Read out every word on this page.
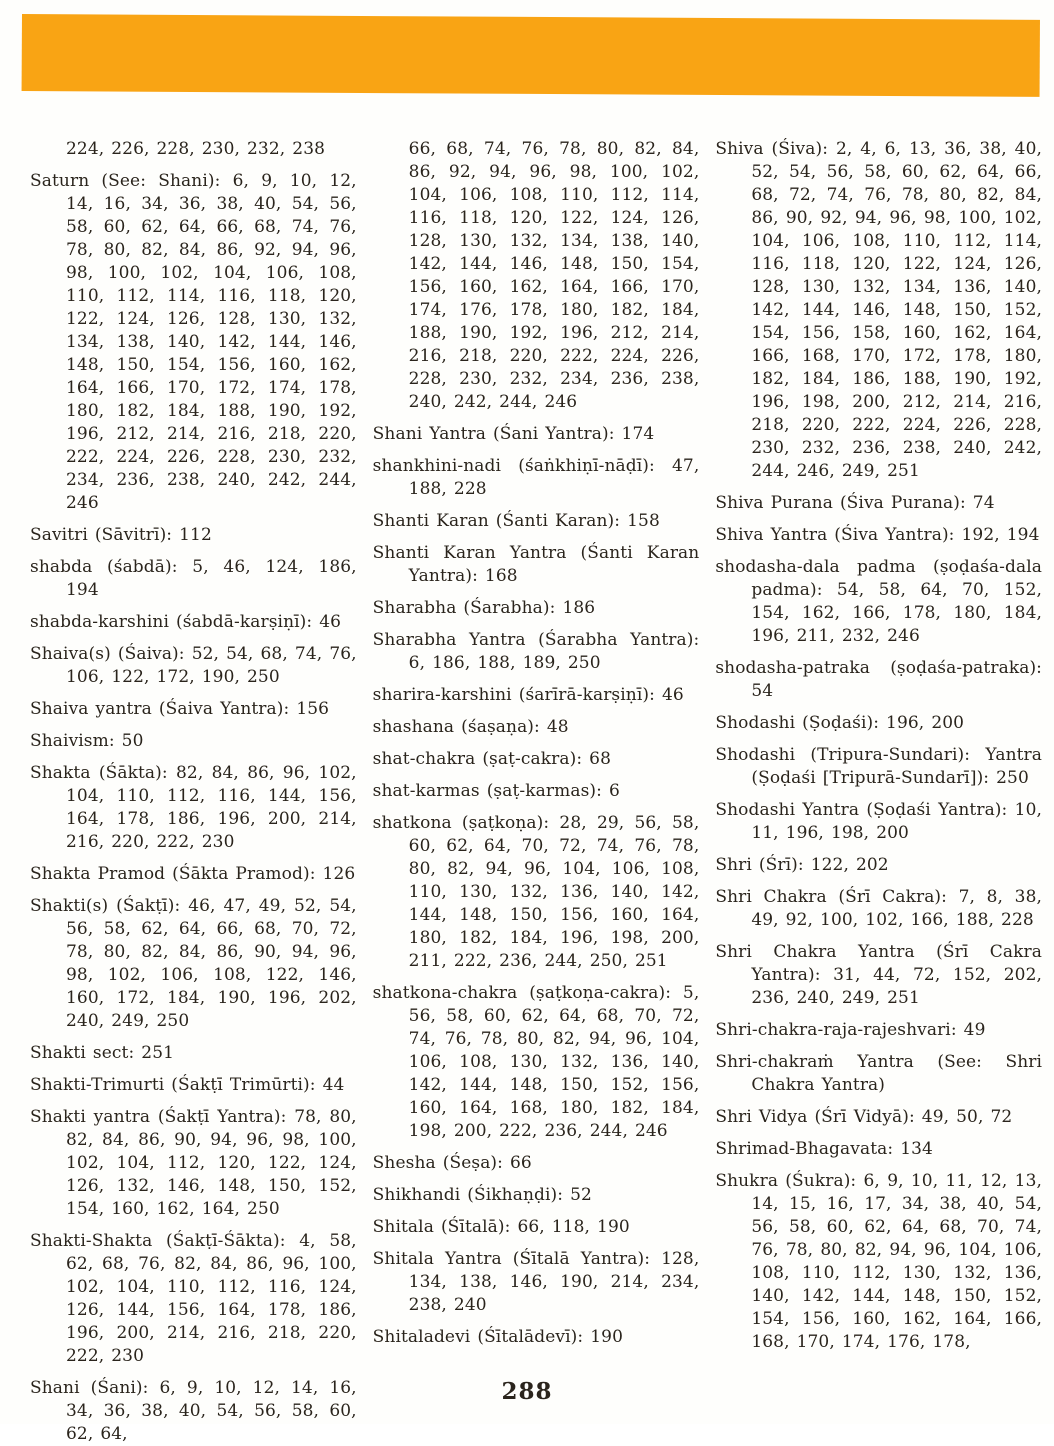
224, 226, 228, 230, 232, 238

Saturn (See: Shani): 6, 9, 10, 12, 14, 16, 34, 36, 38, 40, 54, 56, 58, 60, 62, 64, 66, 68, 74, 76, 78, 80, 82, 84, 86, 92, 94, 96, 98, 100, 102, 104, 106, 108, 110, 112, 114, 116, 118, 120, 122, 124, 126, 128, 130, 132, 134, 138, 140, 142, 144, 146, 148, 150, 154, 156, 160, 162, 164, 166, 170, 172, 174, 178, 180, 182, 184, 188, 190, 192, 196, 212, 214, 216, 218, 220, 222, 224, 226, 228, 230, 232, 234, 236, 238, 240, 242, 244, 246

Savitri (Sāvitrī): 112

shabda (śabdā): 5, 46, 124, 186, 194

shabda-karshini (śabdā-karṣiṇī): 46

Shaiva(s) (Śaiva): 52, 54, 68, 74, 76, 106, 122, 172, 190, 250

Shaiva yantra (Śaiva Yantra): 156

Shaivism: 50

Shakta (Śākta): 82, 84, 86, 96, 102, 104, 110, 112, 116, 144, 156, 164, 178, 186, 196, 200, 214, 216, 220, 222, 230

Shakta Pramod (Śākta Pramod): 126

Shakti(s) (Śakṭī): 46, 47, 49, 52, 54, 56, 58, 62, 64, 66, 68, 70, 72, 78, 80, 82, 84, 86, 90, 94, 96, 98, 102, 106, 108, 122, 146, 160, 172, 184, 190, 196, 202, 240, 249, 250

Shakti sect: 251

Shakti-Trimurti (Śakṭī Trimūrti): 44

Shakti yantra (Śakṭī Yantra): 78, 80, 82, 84, 86, 90, 94, 96, 98, 100, 102, 104, 112, 120, 122, 124, 126, 132, 146, 148, 150, 152, 154, 160, 162, 164, 250

Shakti-Shakta (Śakṭī-Śākta): 4, 58, 62, 68, 76, 82, 84, 86, 96, 100, 102, 104, 110, 112, 116, 124, 126, 144, 156, 164, 178, 186, 196, 200, 214, 216, 218, 220, 222, 230

Shani (Śani): 6, 9, 10, 12, 14, 16, 34, 36, 38, 40, 54, 56, 58, 60, 62, 64,

66, 68, 74, 76, 78, 80, 82, 84, 86, 92, 94, 96, 98, 100, 102, 104, 106, 108, 110, 112, 114, 116, 118, 120, 122, 124, 126, 128, 130, 132, 134, 138, 140, 142, 144, 146, 148, 150, 154, 156, 160, 162, 164, 166, 170, 174, 176, 178, 180, 182, 184, 188, 190, 192, 196, 212, 214, 216, 218, 220, 222, 224, 226, 228, 230, 232, 234, 236, 238, 240, 242, 244, 246

Shani Yantra (Śani Yantra): 174

shankhini-nadi (śaṅkhiṇī-nāḍī): 47, 188, 228

Shanti Karan (Śanti Karan): 158

Shanti Karan Yantra (Śanti Karan Yantra): 168

Sharabha (Śarabha): 186

Sharabha Yantra (Śarabha Yantra): 6, 186, 188, 189, 250

sharira-karshini (śarīrā-karṣiṇī): 46

shashana (śaṣaṇa): 48

shat-chakra (ṣaṭ-cakra): 68

shat-karmas (ṣaṭ-karmas): 6

shatkona (ṣaṭkoṇa): 28, 29, 56, 58, 60, 62, 64, 70, 72, 74, 76, 78, 80, 82, 94, 96, 104, 106, 108, 110, 130, 132, 136, 140, 142, 144, 148, 150, 156, 160, 164, 180, 182, 184, 196, 198, 200, 211, 222, 236, 244, 250, 251

shatkona-chakra (ṣaṭkoṇa-cakra): 5, 56, 58, 60, 62, 64, 68, 70, 72, 74, 76, 78, 80, 82, 94, 96, 104, 106, 108, 130, 132, 136, 140, 142, 144, 148, 150, 152, 156, 160, 164, 168, 180, 182, 184, 198, 200, 222, 236, 244, 246

Shesha (Śeṣa): 66

Shikhandi (Śikhaṇḍi): 52

Shitala (Śītalā): 66, 118, 190

Shitala Yantra (Śītalā Yantra): 128, 134, 138, 146, 190, 214, 234, 238, 240

Shitaladevi (Śītalādevī): 190

Shiva (Śiva): 2, 4, 6, 13, 36, 38, 40, 52, 54, 56, 58, 60, 62, 64, 66, 68, 72, 74, 76, 78, 80, 82, 84, 86, 90, 92, 94, 96, 98, 100, 102, 104, 106, 108, 110, 112, 114, 116, 118, 120, 122, 124, 126, 128, 130, 132, 134, 136, 140, 142, 144, 146, 148, 150, 152, 154, 156, 158, 160, 162, 164, 166, 168, 170, 172, 178, 180, 182, 184, 186, 188, 190, 192, 196, 198, 200, 212, 214, 216, 218, 220, 222, 224, 226, 228, 230, 232, 236, 238, 240, 242, 244, 246, 249, 251

Shiva Purana (Śiva Purana): 74

Shiva Yantra (Śiva Yantra): 192, 194

shodasha-dala padma (ṣoḍaśa-dala padma): 54, 58, 64, 70, 152, 154, 162, 166, 178, 180, 184, 196, 211, 232, 246

shodasha-patraka (ṣoḍaśa-patraka): 54

Shodashi (Ṣoḍaśi): 196, 200

Shodashi (Tripura-Sundari): Yantra (Ṣoḍaśi [Tripurā-Sundarī]): 250

Shodashi Yantra (Ṣoḍaśi Yantra): 10, 11, 196, 198, 200

Shri (Śrī): 122, 202

Shri Chakra (Śrī Cakra): 7, 8, 38, 49, 92, 100, 102, 166, 188, 228

Shri Chakra Yantra (Śrī Cakra Yantra): 31, 44, 72, 152, 202, 236, 240, 249, 251

Shri-chakra-raja-rajeshvari: 49

Shri-chakraṁ Yantra (See: Shri Chakra Yantra)

Shri Vidya (Śrī Vidyā): 49, 50, 72

Shrimad-Bhagavata: 134

Shukra (Śukra): 6, 9, 10, 11, 12, 13, 14, 15, 16, 17, 34, 38, 40, 54, 56, 58, 60, 62, 64, 68, 70, 74, 76, 78, 80, 82, 94, 96, 104, 106, 108, 110, 112, 130, 132, 136, 140, 142, 144, 148, 150, 152, 154, 156, 160, 162, 164, 166, 168, 170, 174, 176, 178,

288
